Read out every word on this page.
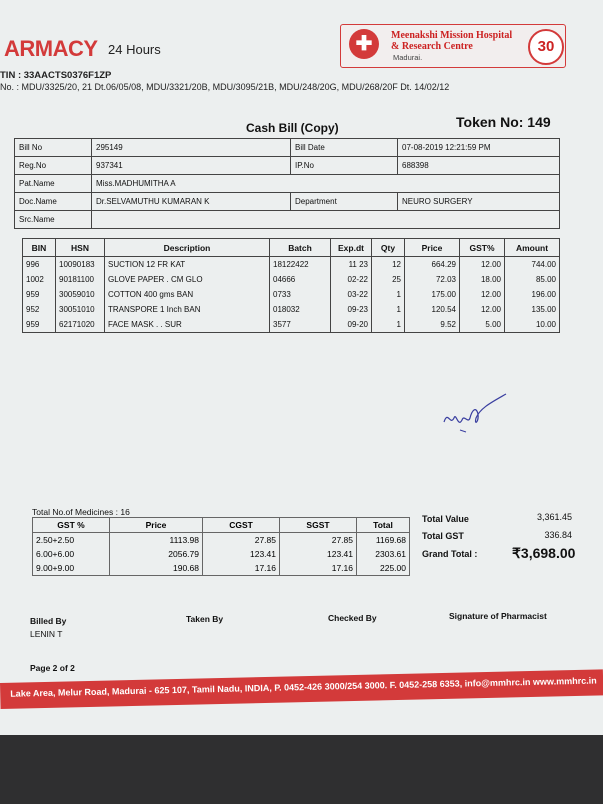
ARMACY 24 Hours
TIN : 33AACTS0376F1ZP
No. : MDU/3325/20, 21 Dt.06/05/08, MDU/3321/20B, MDU/3095/21B, MDU/248/20G, MDU/268/20F Dt. 14/02/12
✚	Meenakshi Mission Hospital
& Research Centre
Madurai.
30
Cash Bill (Copy)	Token No: 149
Bill No	295149	Bill Date	07-08-2019 12:21:59 PM
Reg.No	937341	IP.No	688398
Pat.Name	Miss.MADHUMITHA A		
Doc.Name	Dr.SELVAMUTHU KUMARAN K	Department	NEURO SURGERY
Src.Name			
BIN	HSN	Description	Batch	Exp.dt	Qty	Price	GST%	Amount
996	10090183	SUCTION 12 FR KAT	18122422	11 23	12	664.29	12.00	744.00
1002	90181100	GLOVE PAPER . CM GLO	04666	02-22	25	72.03	18.00	85.00
959	30059010	COTTON 400 gms BAN	0733	03-22	1	175.00	12.00	196.00
952	30051010	TRANSPORE 1 Inch BAN	018032	09-23	1	120.54	12.00	135.00
959	62171020	FACE MASK . . SUR	3577	09-20	1	9.52	5.00	10.00
Total No.of Medicines : 16
GST %	Price	CGST	SGST	Total
2.50+2.50	1113.98	27.85	27.85	1169.68
6.00+6.00	2056.79	123.41	123.41	2303.61
9.00+9.00	190.68	17.16	17.16	225.00
Total Value	3,361.45
Total GST	336.84
Grand Total : ₹3,698.00
Billed By
LENIN T
Taken By	Checked By	Signature of Pharmacist
Page 2 of 2
Lake Area, Melur Road, Madurai - 625 107, Tamil Nadu, INDIA, P. 0452-426 3000/254 3000. F. 0452-258 6353, info@mmhrc.in www.mmhrc.in
